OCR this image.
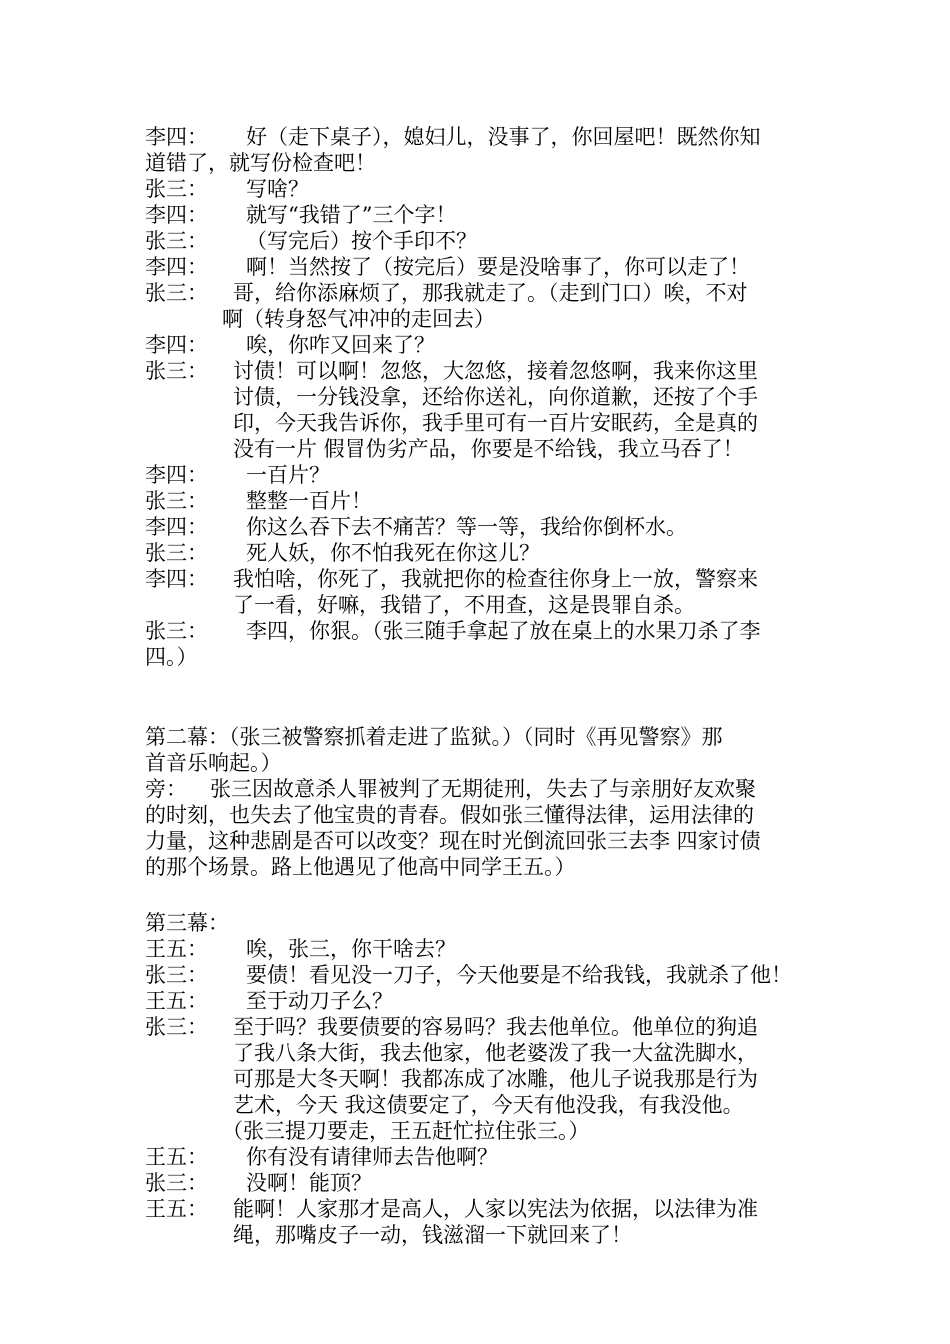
李四： 好（走下桌子），媳妇儿，没事了，你回屋吧！既然你知
道错了，就写份检查吧！
张三： 写啥？
李四： 就写“我错了”三个字！
张三： （写完后）按个手印不？
李四： 啊！当然按了（按完后）要是没啥事了，你可以走了！
张三： 哥，给你添麻烦了，那我就走了。（走到门口）唉，不对
啊（转身怒气冲冲的走回去）
李四： 唉，你咋又回来了？
张三： 讨债！可以啊！忽悠，大忽悠，接着忽悠啊，我来你这里
讨债，一分钱没拿，还给你送礼，向你道歉，还按了个手
印，今天我告诉你，我手里可有一百片安眠药，全是真的
没有一片 假冒伪劣产品，你要是不给钱，我立马吞了！
李四： 一百片？
张三： 整整一百片！
李四： 你这么吞下去不痛苦？等一等，我给你倒杯水。
张三： 死人妖，你不怕我死在你这儿？
李四： 我怕啥，你死了，我就把你的检查往你身上一放，警察来
了一看，好嘛，我错了，不用查，这是畏罪自杀。
张三： 李四，你狠。（张三随手拿起了放在桌上的水果刀杀了李
四。）
第二幕：（张三被警察抓着走进了监狱。）（同时《再见警察》那
首音乐响起。）
旁： 张三因故意杀人罪被判了无期徒刑，失去了与亲朋好友欢聚
的时刻，也失去了他宝贵的青春。假如张三懂得法律，运用法律的
力量，这种悲剧是否可以改变？现在时光倒流回张三去李 四家讨债
的那个场景。路上他遇见了他高中同学王五。）
第三幕：
王五： 唉，张三，你干啥去？
张三： 要债！看见没一刀子，今天他要是不给我钱，我就杀了他！
王五： 至于动刀子么？
张三： 至于吗？我要债要的容易吗？我去他单位。他单位的狗追
了我八条大街，我去他家，他老婆泼了我一大盆洗脚水，
可那是大冬天啊！我都冻成了冰雕，他儿子说我那是行为
艺术，今天 我这债要定了，今天有他没我，有我没他。
（张三提刀要走，王五赶忙拉住张三。）
王五： 你有没有请律师去告他啊？
张三： 没啊！能顶？
王五： 能啊！人家那才是高人，人家以宪法为依据，以法律为准
绳，那嘴皮子一动，钱滋溜一下就回来了！
